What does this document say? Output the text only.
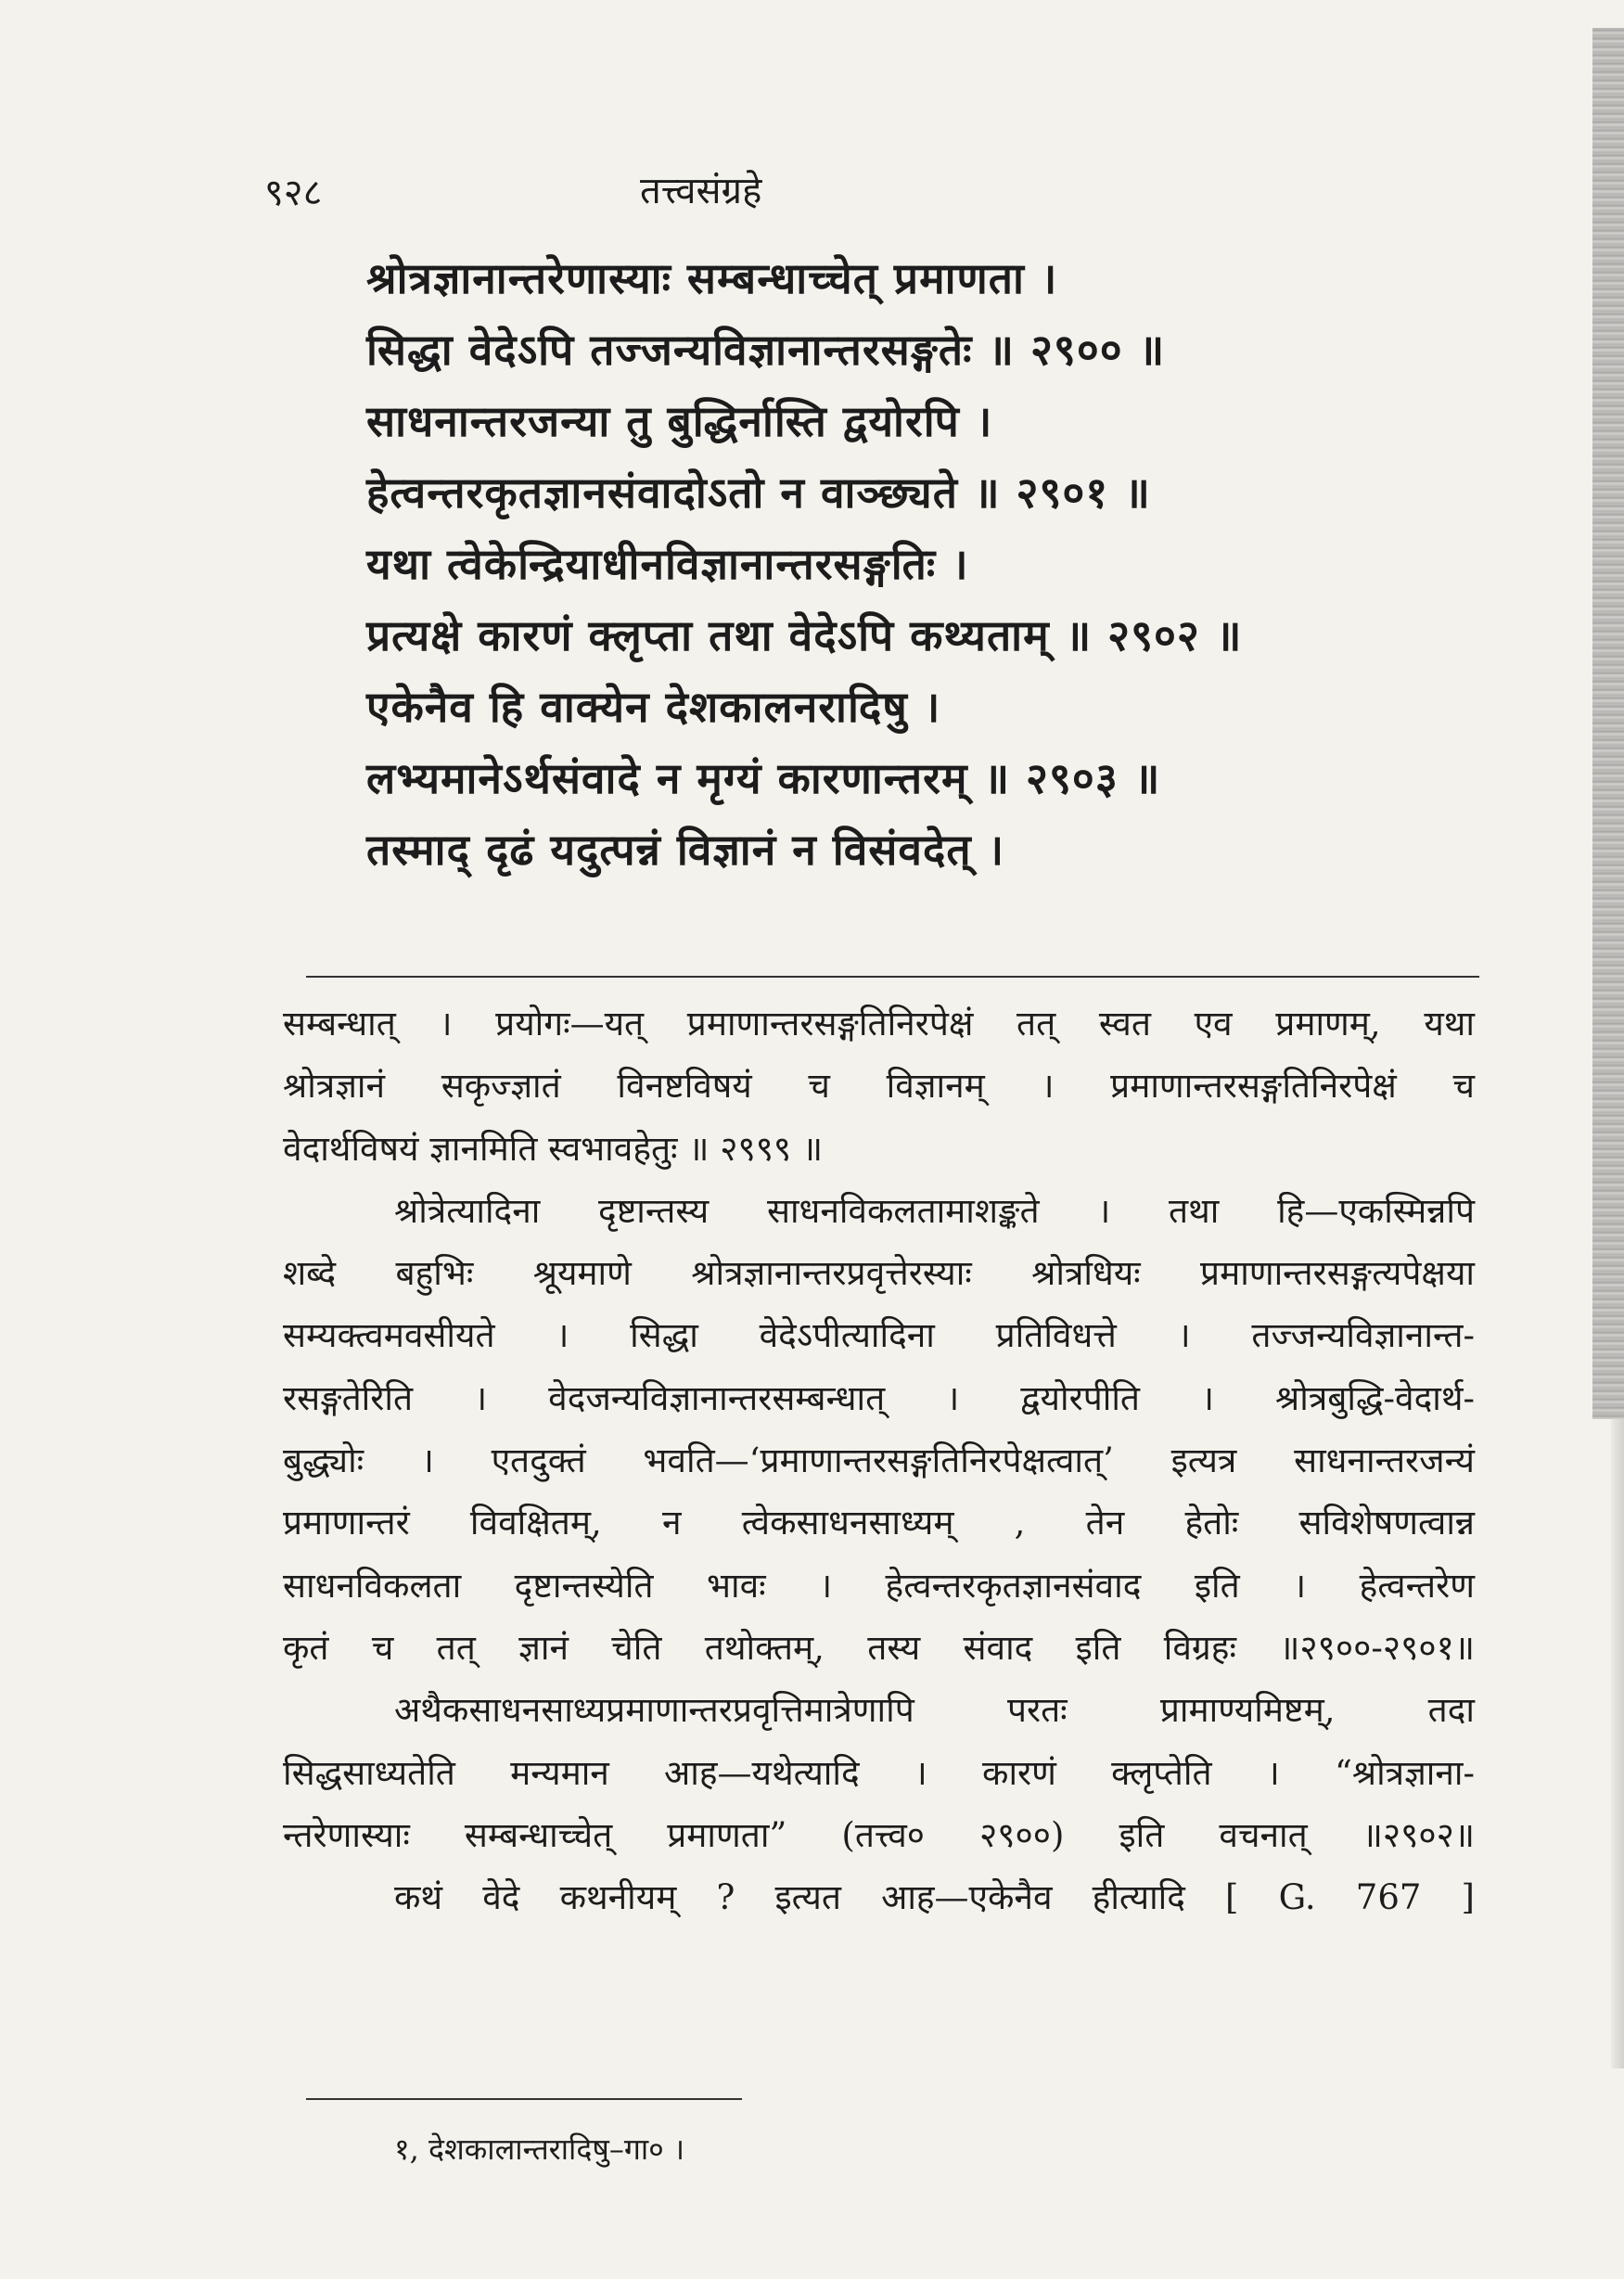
९२८	तत्त्वसंग्रहे
श्रोत्रज्ञानान्तरेणास्याः सम्बन्धाच्चेत् प्रमाणता ।
सिद्धा वेदेऽपि तज्जन्यविज्ञानान्तरसङ्गतेः ॥ २९०० ॥
साधनान्तरजन्या तु बुद्धिर्नास्ति द्वयोरपि ।
हेत्वन्तरकृतज्ञानसंवादोऽतो न वाञ्छ्यते ॥ २९०१ ॥
यथा त्वेकेन्द्रियाधीनविज्ञानान्तरसङ्गतिः ।
प्रत्यक्षे कारणं क्लृप्ता तथा वेदेऽपि कथ्यताम् ॥ २९०२ ॥
एकेनैव हि वाक्येन देशकालनरादिषु ।
लभ्यमानेऽर्थसंवादे न मृग्यं कारणान्तरम् ॥ २९०३ ॥
तस्माद् दृढं यदुत्पन्नं विज्ञानं न विसंवदेत् ।
सम्बन्धात् । प्रयोगः—यत् प्रमाणान्तरसङ्गतिनिरपेक्षं तत् स्वत एव प्रमाणम्, यथा
श्रोत्रज्ञानं सकृज्ज्ञातं विनष्टविषयं च विज्ञानम् । प्रमाणान्तरसङ्गतिनिरपेक्षं च
वेदार्थविषयं ज्ञानमिति स्वभावहेतुः ॥ २९९९ ॥
श्रोत्रेत्यादिना दृष्टान्तस्य साधनविकलतामाशङ्कते । तथा हि—एकस्मिन्नपि
शब्दे बहुभिः श्रूयमाणे श्रोत्रज्ञानान्तरप्रवृत्तेरस्याः श्रोत्रधियः प्रमाणान्तरसङ्गत्यपेक्षया
सम्यक्त्वमवसीयते । सिद्धा वेदेऽपीत्यादिना प्रतिविधत्ते । तज्जन्यविज्ञानान्त-
रसङ्गतेरिति । वेदजन्यविज्ञानान्तरसम्बन्धात् । द्वयोरपीति । श्रोत्रबुद्धि-वेदार्थ-
बुद्ध्योः । एतदुक्तं भवति—‘प्रमाणान्तरसङ्गतिनिरपेक्षत्वात्’ इत्यत्र साधनान्तरजन्यं
प्रमाणान्तरं विवक्षितम्, न त्वेकसाधनसाध्यम् , तेन हेतोः सविशेषणत्वान्न
साधनविकलता दृष्टान्तस्येति भावः । हेत्वन्तरकृतज्ञानसंवाद इति । हेत्वन्तरेण
कृतं च तत् ज्ञानं चेति तथोक्तम्, तस्य संवाद इति विग्रहः ॥२९००-२९०१॥
अथैकसाधनसाध्यप्रमाणान्तरप्रवृत्तिमात्रेणापि परतः प्रामाण्यमिष्टम्, तदा
सिद्धसाध्यतेति मन्यमान आह—यथेत्यादि । कारणं क्लृप्तेति । “श्रोत्रज्ञाना-
न्तरेणास्याः सम्बन्धाच्चेत् प्रमाणता” (तत्त्व० २९००) इति वचनात् ॥२९०२॥
कथं वेदे कथनीयम् ? इत्यत आह—एकेनैव हीत्यादि [ G. 767 ]
१, देशकालान्तरादिषु–गा० ।
